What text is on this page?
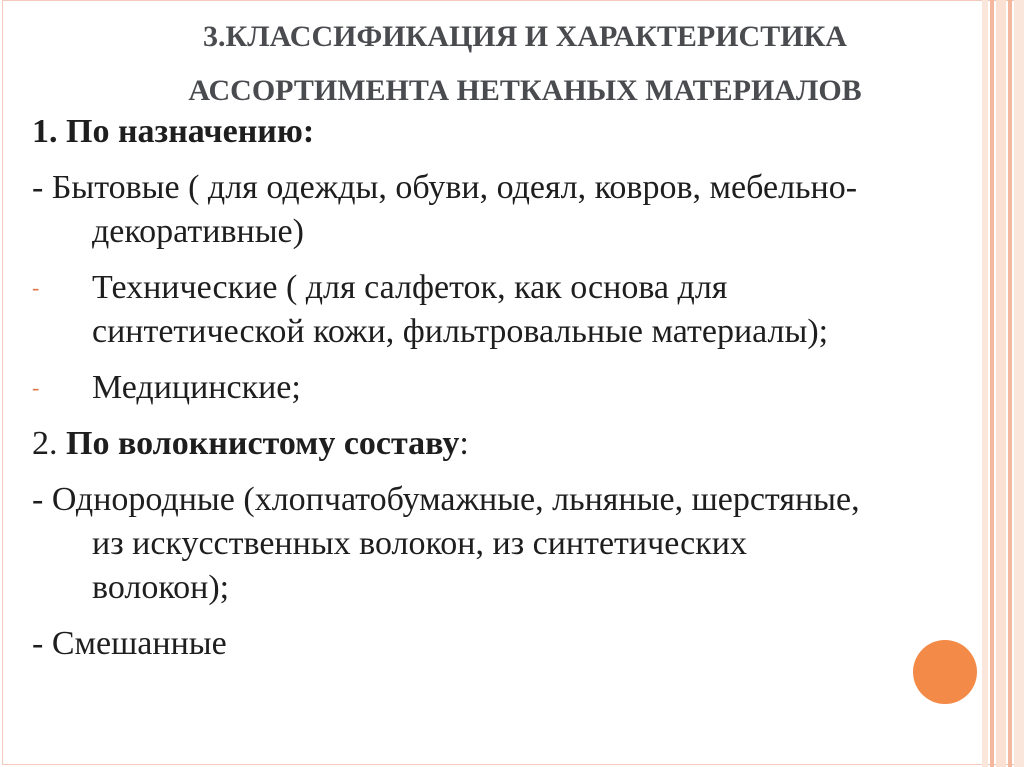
3.КЛАССИФИКАЦИЯ И ХАРАКТЕРИСТИКА
АССОРТИМЕНТА НЕТКАНЫХ МАТЕРИАЛОВ
1. По назначению:
- Бытовые ( для одежды, обуви, одеял, ковров, мебельно-
декоративные)
- Технические ( для салфеток, как основа для
синтетической кожи, фильтровальные материалы);
- Медицинские;
2. По волокнистому составу:
- Однородные (хлопчатобумажные, льняные, шерстяные,
из искусственных волокон, из синтетических
волокон);
- Смешанные
